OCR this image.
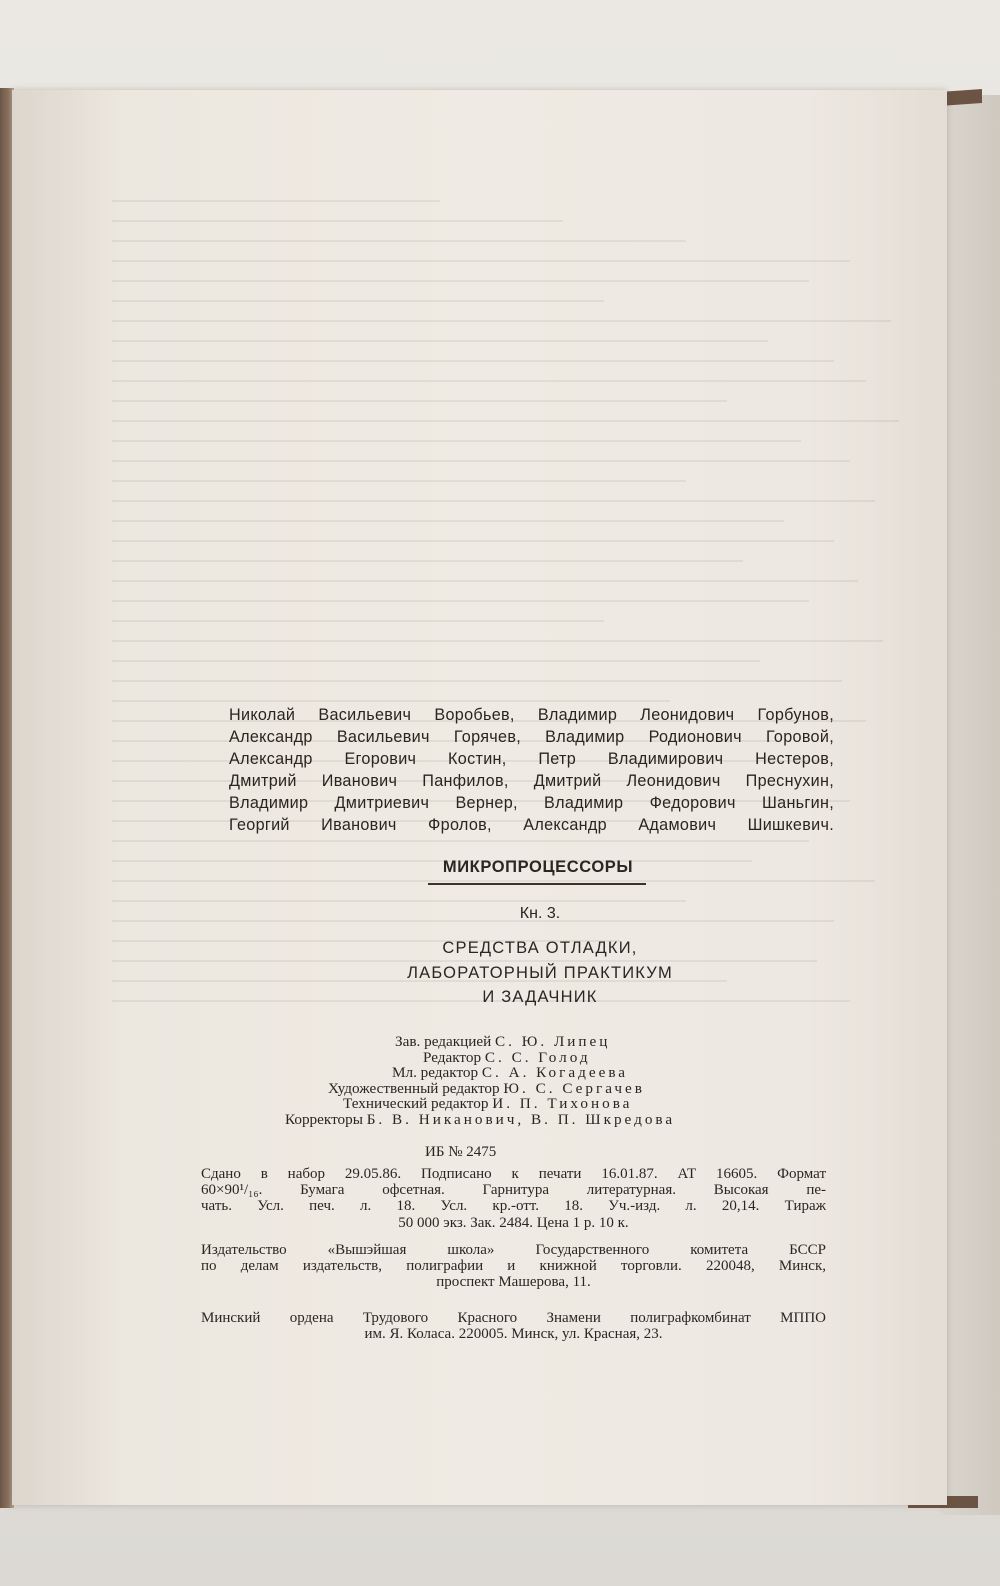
Николай Васильевич Воробьев, Владимир Леонидович Горбунов,

Александр Васильевич Горячев, Владимир Родионович Горовой,

Александр Егорович Костин, Петр Владимирович Нестеров,

Дмитрий Иванович Панфилов, Дмитрий Леонидович Преснухин,

Владимир Дмитриевич Вернер, Владимир Федорович Шаньгин,

Георгий Иванович Фролов, Александр Адамович Шишкевич.

МИКРОПРОЦЕССОРЫ
Кн. 3.

СРЕДСТВА ОТЛАДКИ,

ЛАБОРАТОРНЫЙ ПРАКТИКУМ

И ЗАДАЧНИК

Зав. редакцией С. Ю. Липец

Редактор С. С. Голод

Мл. редактор С. А. Когадеева

Художественный редактор Ю. С. Сергачев

Технический редактор И. П. Тихонова

Корректоры Б. В. Никанович, В. П. Шкредова

ИБ № 2475

Сдано в набор 29.05.86. Подписано к печати 16.01.87. АТ 16605. Формат

60×90¹/₁₆. Бумага офсетная. Гарнитура литературная. Высокая пе-

чать. Усл. печ. л. 18. Усл. кр.-отт. 18. Уч.-изд. л. 20,14. Тираж

50 000 экз. Зак. 2484. Цена 1 р. 10 к.

Издательство «Вышэйшая школа» Государственного комитета БССР

по делам издательств, полиграфии и книжной торговли. 220048, Минск,

проспект Машерова, 11.

Минский ордена Трудового Красного Знамени полиграфкомбинат МППО

им. Я. Коласа. 220005. Минск, ул. Красная, 23.
